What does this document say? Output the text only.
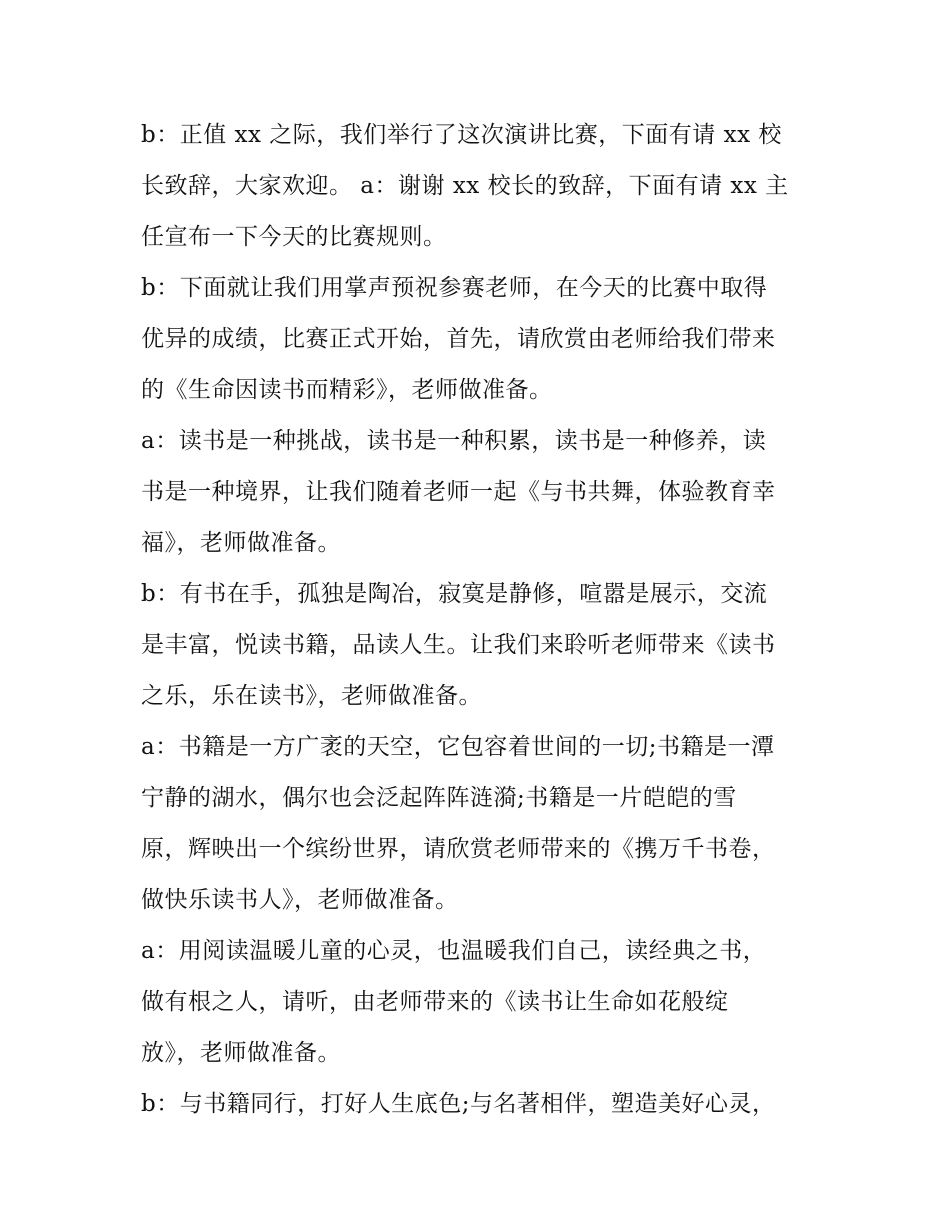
b：正值 xx 之际，我们举行了这次演讲比赛，下面有请 xx 校
长致辞，大家欢迎。 a：谢谢 xx 校长的致辞，下面有请 xx 主
任宣布一下今天的比赛规则。
b：下面就让我们用掌声预祝参赛老师，在今天的比赛中取得
优异的成绩，比赛正式开始，首先，请欣赏由老师给我们带来
的《生命因读书而精彩》，老师做准备。
a：读书是一种挑战，读书是一种积累，读书是一种修养，读
书是一种境界，让我们随着老师一起《与书共舞，体验教育幸
福》，老师做准备。
b：有书在手，孤独是陶冶，寂寞是静修，喧嚣是展示，交流
是丰富，悦读书籍，品读人生。让我们来聆听老师带来《读书
之乐，乐在读书》，老师做准备。
a：书籍是一方广袤的天空，它包容着世间的一切;书籍是一潭
宁静的湖水，偶尔也会泛起阵阵涟漪;书籍是一片皑皑的雪
原，辉映出一个缤纷世界，请欣赏老师带来的《携万千书卷，
做快乐读书人》，老师做准备。
a：用阅读温暖儿童的心灵，也温暖我们自己，读经典之书，
做有根之人，请听，由老师带来的《读书让生命如花般绽
放》，老师做准备。
b：与书籍同行，打好人生底色;与名著相伴，塑造美好心灵，
